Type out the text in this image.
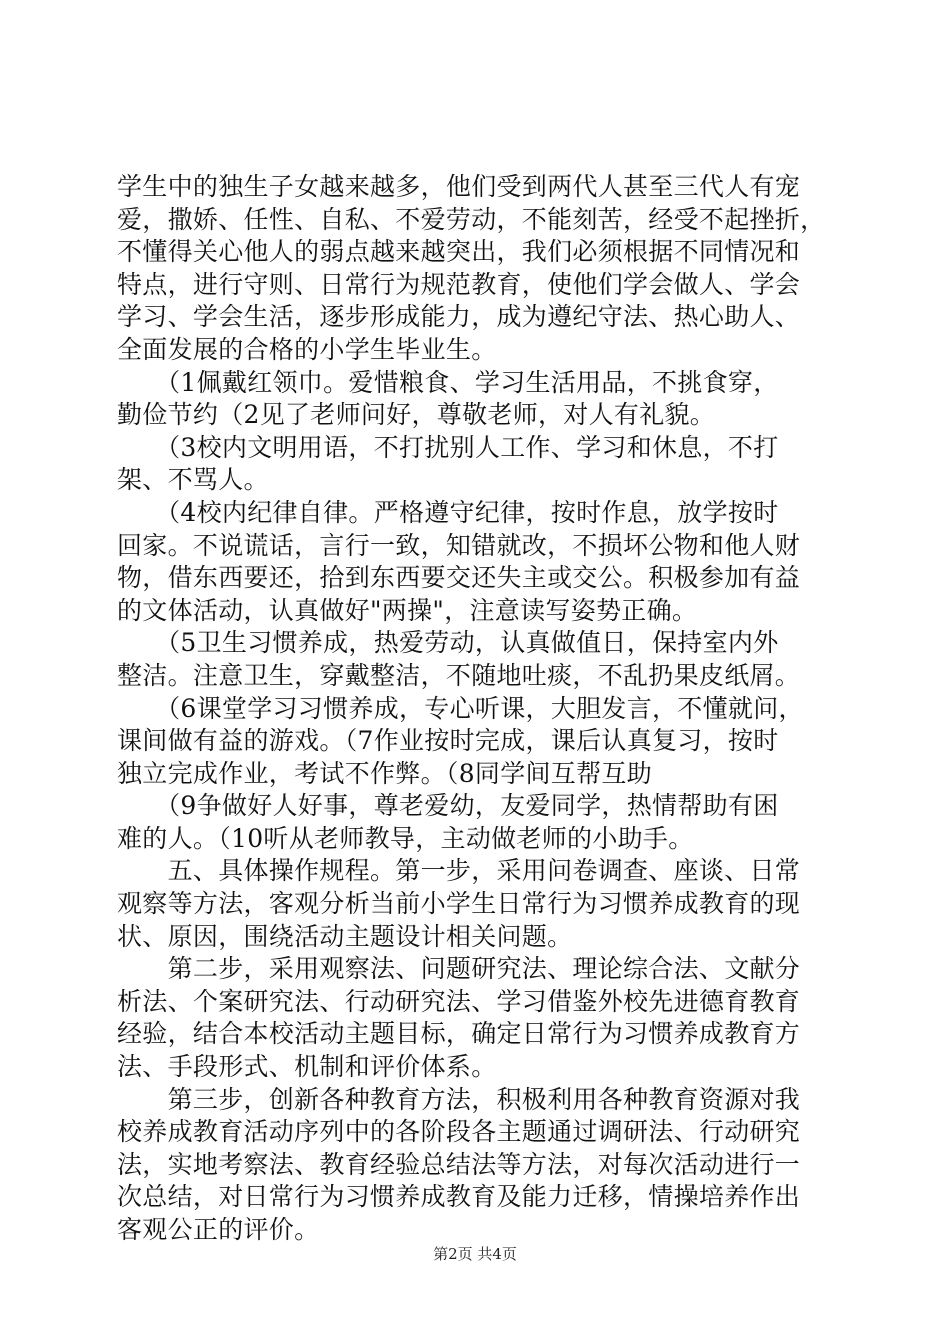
学生中的独生子女越来越多，他们受到两代人甚至三代人有宠
爱，撒娇、任性、自私、不爱劳动，不能刻苦，经受不起挫折，
不懂得关心他人的弱点越来越突出，我们必须根据不同情况和
特点，进行守则、日常行为规范教育，使他们学会做人、学会
学习、学会生活，逐步形成能力，成为遵纪守法、热心助人、
全面发展的合格的小学生毕业生。
　　（1佩戴红领巾。爱惜粮食、学习生活用品，不挑食穿，
勤俭节约（2见了老师问好，尊敬老师，对人有礼貌。
　　（3校内文明用语，不打扰别人工作、学习和休息，不打
架、不骂人。
　　（4校内纪律自律。严格遵守纪律，按时作息，放学按时
回家。不说谎话，言行一致，知错就改，不损坏公物和他人财
物，借东西要还，拾到东西要交还失主或交公。积极参加有益
的文体活动，认真做好"两操"，注意读写姿势正确。
　　（5卫生习惯养成，热爱劳动，认真做值日，保持室内外
整洁。注意卫生，穿戴整洁，不随地吐痰，不乱扔果皮纸屑。
　　（6课堂学习习惯养成，专心听课，大胆发言，不懂就问，
课间做有益的游戏。（7作业按时完成，课后认真复习，按时
独立完成作业，考试不作弊。（8同学间互帮互助
　　（9争做好人好事，尊老爱幼，友爱同学，热情帮助有困
难的人。（10听从老师教导，主动做老师的小助手。
　　五、具体操作规程。第一步，采用问卷调查、座谈、日常
观察等方法，客观分析当前小学生日常行为习惯养成教育的现
状、原因，围绕活动主题设计相关问题。
　　第二步，采用观察法、问题研究法、理论综合法、文献分
析法、个案研究法、行动研究法、学习借鉴外校先进德育教育
经验，结合本校活动主题目标，确定日常行为习惯养成教育方
法、手段形式、机制和评价体系。
　　第三步，创新各种教育方法，积极利用各种教育资源对我
校养成教育活动序列中的各阶段各主题通过调研法、行动研究
法，实地考察法、教育经验总结法等方法，对每次活动进行一
次总结，对日常行为习惯养成教育及能力迁移，情操培养作出
客观公正的评价。
第2页 共4页
